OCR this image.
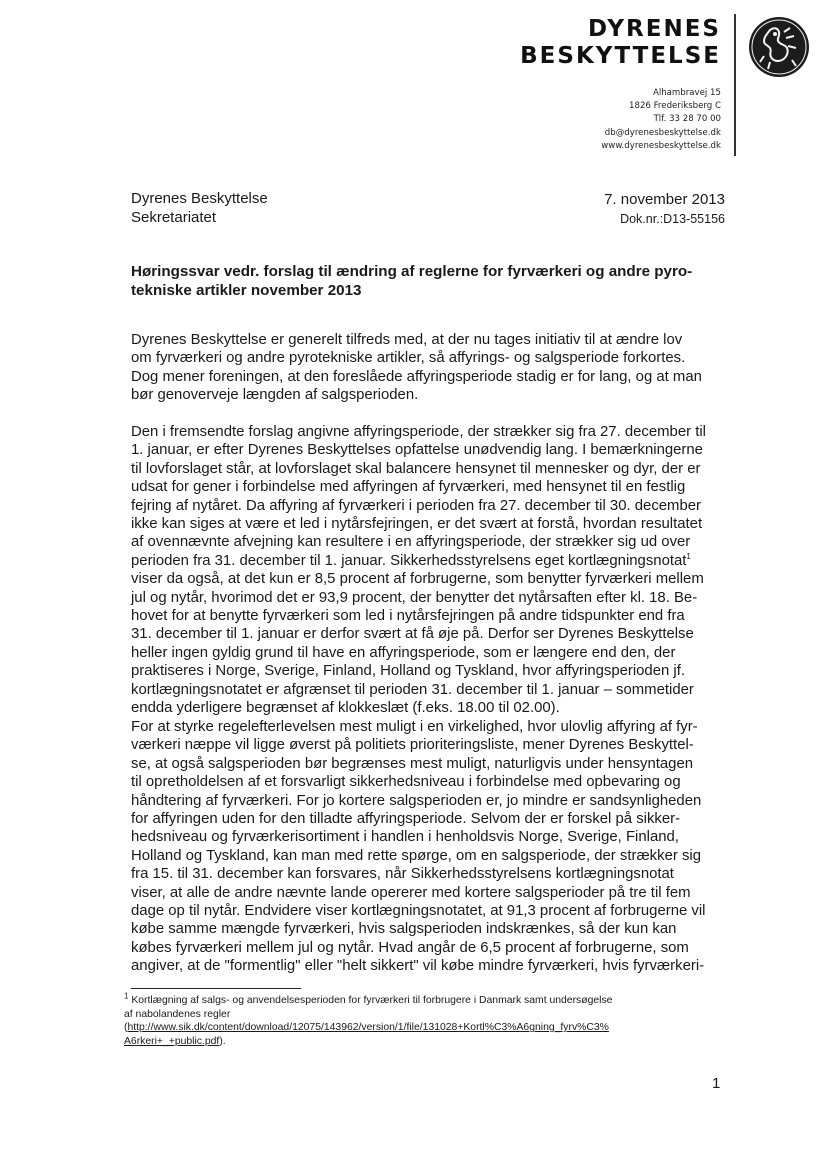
DYRENES
BESKYTTELSE
Alhambravej 15
1826 Frederiksberg C
Tlf. 33 28 70 00
db@dyrenesbeskyttelse.dk
www.dyrenesbeskyttelse.dk
Dyrenes Beskyttelse
Sekretariatet
7. november 2013
Dok.nr.:D13-55156
Høringssvar vedr. forslag til ændring af reglerne for fyrværkeri og andre pyro-
tekniske artikler november 2013
Dyrenes Beskyttelse er generelt tilfreds med, at der nu tages initiativ til at ændre lov
om fyrværkeri og andre pyrotekniske artikler, så affyrings- og salgsperiode forkortes.
Dog mener foreningen, at den foreslåede affyringsperiode stadig er for lang, og at man
bør genoverveje længden af salgsperioden.
Den i fremsendte forslag angivne affyringsperiode, der strækker sig fra 27. december til
1. januar, er efter Dyrenes Beskyttelses opfattelse unødvendig lang. I bemærkningerne
til lovforslaget står, at lovforslaget skal balancere hensynet til mennesker og dyr, der er
udsat for gener i forbindelse med affyringen af fyrværkeri, med hensynet til en festlig
fejring af nytåret. Da affyring af fyrværkeri i perioden fra 27. december til 30. december
ikke kan siges at være et led i nytårsfejringen, er det svært at forstå, hvordan resultatet
af ovennævnte afvejning kan resultere i en affyringsperiode, der strækker sig ud over
perioden fra 31. december til 1. januar. Sikkerhedsstyrelsens eget kortlægningsnotat$^1$
viser da også, at det kun er 8,5 procent af forbrugerne, som benytter fyrværkeri mellem
jul og nytår, hvorimod det er 93,9 procent, der benytter det nytårsaften efter kl. 18. Be-
hovet for at benytte fyrværkeri som led i nytårsfejringen på andre tidspunkter end fra
31. december til 1. januar er derfor svært at få øje på. Derfor ser Dyrenes Beskyttelse
heller ingen gyldig grund til have en affyringsperiode, som er længere end den, der
praktiseres i Norge, Sverige, Finland, Holland og Tyskland, hvor affyringsperioden jf.
kortlægningsnotatet er afgrænset til perioden 31. december til 1. januar – sommetider
endda yderligere begrænset af klokkeslæt (f.eks. 18.00 til 02.00).
For at styrke regelefterlevelsen mest muligt i en virkelighed, hvor ulovlig affyring af fyr-
værkeri næppe vil ligge øverst på politiets prioriteringsliste, mener Dyrenes Beskyttel-
se, at også salgsperioden bør begrænses mest muligt, naturligvis under hensyntagen
til opretholdelsen af et forsvarligt sikkerhedsniveau i forbindelse med opbevaring og
håndtering af fyrværkeri. For jo kortere salgsperioden er, jo mindre er sandsynligheden
for affyringen uden for den tilladte affyringsperiode. Selvom der er forskel på sikker-
hedsniveau og fyrværkerisortiment i handlen i henholdsvis Norge, Sverige, Finland,
Holland og Tyskland, kan man med rette spørge, om en salgsperiode, der strækker sig
fra 15. til 31. december kan forsvares, når Sikkerhedsstyrelsens kortlægningsnotat
viser, at alle de andre nævnte lande opererer med kortere salgsperioder på tre til fem
dage op til nytår. Endvidere viser kortlægningsnotatet, at 91,3 procent af forbrugerne vil
købe samme mængde fyrværkeri, hvis salgsperioden indskrænkes, så der kun kan
købes fyrværkeri mellem jul og nytår. Hvad angår de 6,5 procent af forbrugerne, som
angiver, at de "formentlig" eller "helt sikkert" vil købe mindre fyrværkeri, hvis fyrværkeri-
$^1$ Kortlægning af salgs- og anvendelsesperioden for fyrværkeri til forbrugere i Danmark samt undersøgelse
af nabolandenes regler
(http://www.sik.dk/content/download/12075/143962/version/1/file/131028+Kortl%C3%A6gning_fyrv%C3%
A6rkeri+_+public.pdf).
1
